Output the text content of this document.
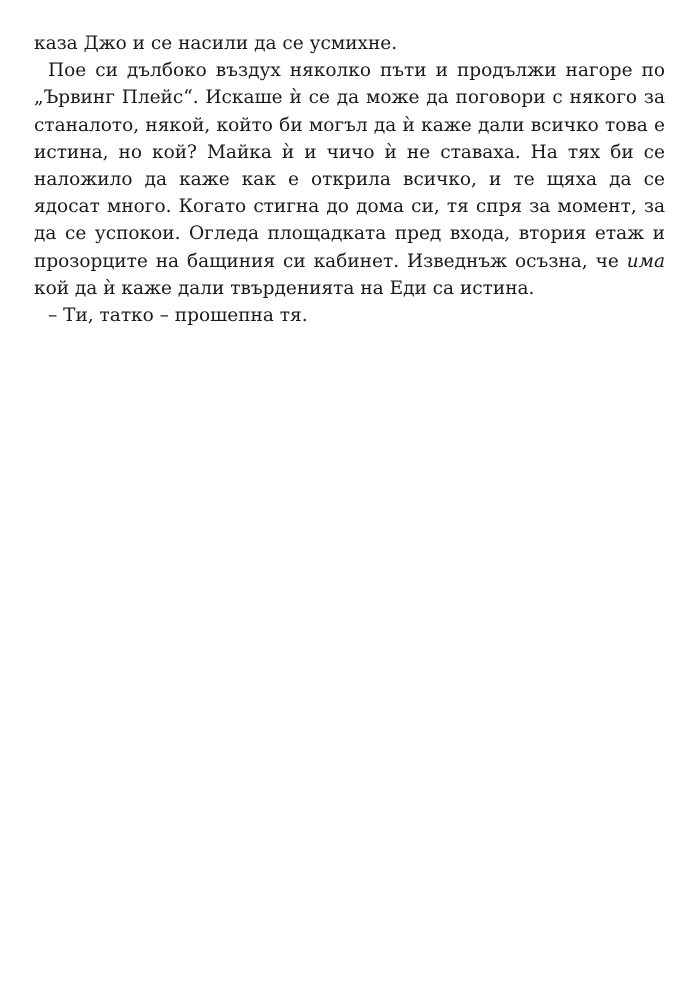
каза Джо и се насили да се усмихне.

Пое си дълбоко въздух няколко пъти и продължи нагоре по „Ървинг Плейс“. Искаше ѝ се да може да поговори с някого за станалото, някой, който би могъл да ѝ каже дали всичко това е истина, но кой? Майка ѝ и чичо ѝ не ставаха. На тях би се наложило да каже как е открила всичко, и те щяха да се ядосат много. Когато стигна до дома си, тя спря за момент, за да се успокои. Огледа площадката пред входа, втория етаж и прозорците на бащиния си кабинет. Изведнъж осъзна, че има кой да ѝ каже дали твърденията на Еди са истина.

– Ти, татко – прошепна тя.
